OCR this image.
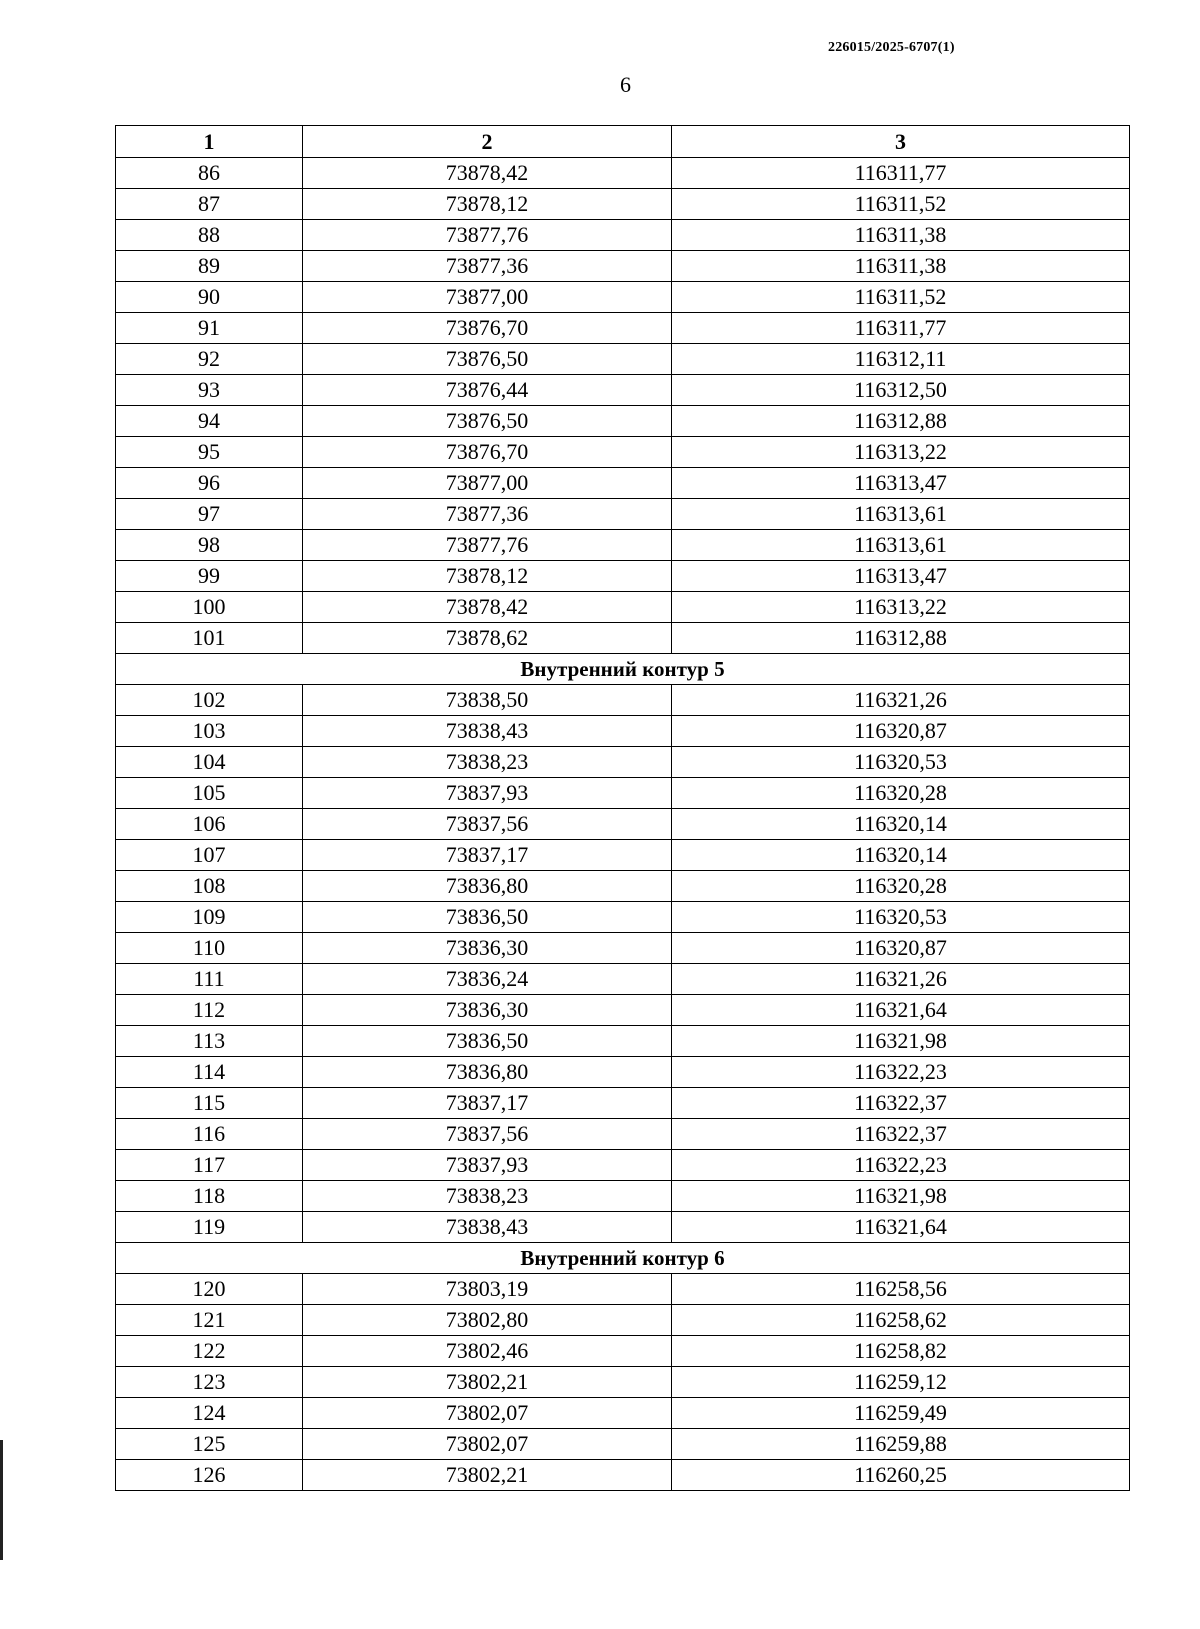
226015/2025-6707(1)
6
1	2	3
86	73878,42	116311,77
87	73878,12	116311,52
88	73877,76	116311,38
89	73877,36	116311,38
90	73877,00	116311,52
91	73876,70	116311,77
92	73876,50	116312,11
93	73876,44	116312,50
94	73876,50	116312,88
95	73876,70	116313,22
96	73877,00	116313,47
97	73877,36	116313,61
98	73877,76	116313,61
99	73878,12	116313,47
100	73878,42	116313,22
101	73878,62	116312,88
Внутренний контур 5		
102	73838,50	116321,26
103	73838,43	116320,87
104	73838,23	116320,53
105	73837,93	116320,28
106	73837,56	116320,14
107	73837,17	116320,14
108	73836,80	116320,28
109	73836,50	116320,53
110	73836,30	116320,87
111	73836,24	116321,26
112	73836,30	116321,64
113	73836,50	116321,98
114	73836,80	116322,23
115	73837,17	116322,37
116	73837,56	116322,37
117	73837,93	116322,23
118	73838,23	116321,98
119	73838,43	116321,64
Внутренний контур 6		
120	73803,19	116258,56
121	73802,80	116258,62
122	73802,46	116258,82
123	73802,21	116259,12
124	73802,07	116259,49
125	73802,07	116259,88
126	73802,21	116260,25
